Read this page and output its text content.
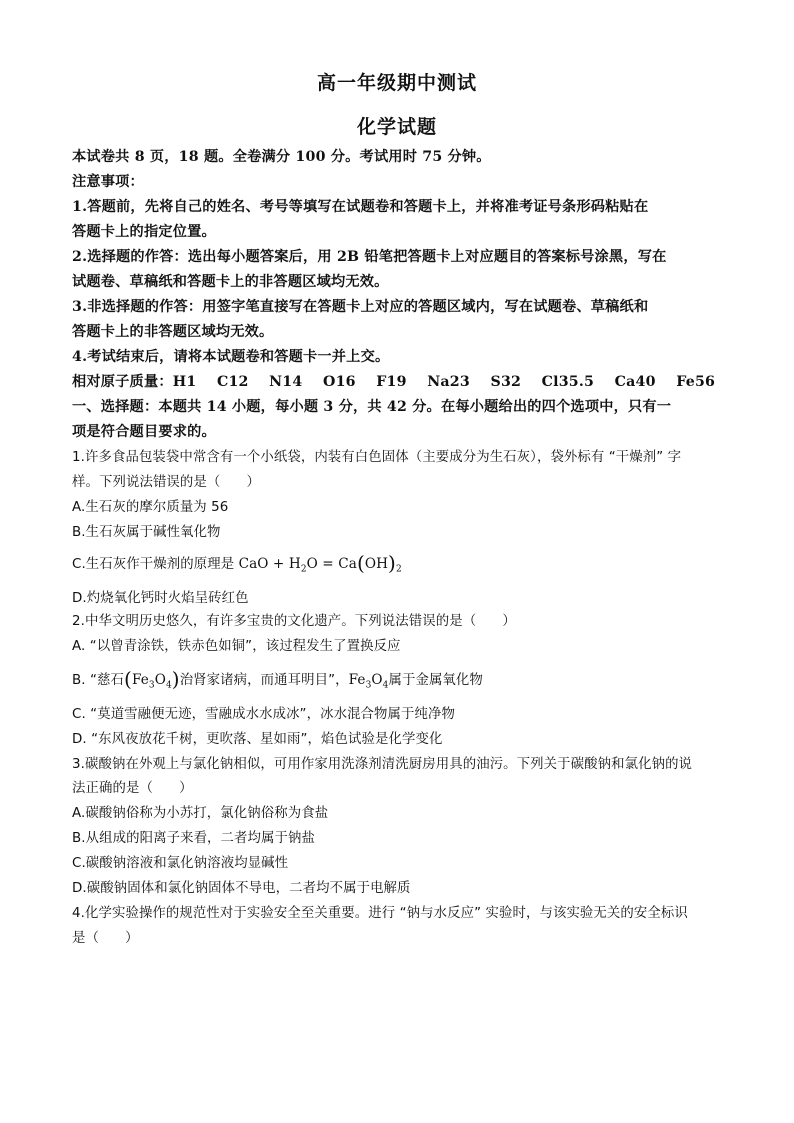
高一年级期中测试
化学试题
本试卷共 8 页，18 题。全卷满分 100 分。考试用时 75 分钟。
注意事项：
1.答题前，先将自己的姓名、考号等填写在试题卷和答题卡上，并将准考证号条形码粘贴在
答题卡上的指定位置。
2.选择题的作答：选出每小题答案后，用 2B 铅笔把答题卡上对应题目的答案标号涂黑，写在
试题卷、草稿纸和答题卡上的非答题区域均无效。
3.非选择题的作答：用签字笔直接写在答题卡上对应的答题区域内，写在试题卷、草稿纸和
答题卡上的非答题区域均无效。
4.考试结束后，请将本试题卷和答题卡一并上交。
相对原子质量：H1    C12    N14    O16    F19    Na23    S32    Cl35.5    Ca40    Fe56
一、选择题：本题共 14 小题，每小题 3 分，共 42 分。在每小题给出的四个选项中，只有一
项是符合题目要求的。
1.许多食品包装袋中常含有一个小纸袋，内装有白色固体（主要成分为生石灰），袋外标有 “干燥剂” 字
样。下列说法错误的是（      ）
A.生石灰的摩尔质量为 56
B.生石灰属于碱性氧化物
C.生石灰作干燥剂的原理是 CaO + $H_2O = Ca(OH)_2$
D.灼烧氧化钙时火焰呈砖红色
2.中华文明历史悠久，有许多宝贵的文化遗产。下列说法错误的是（      ）
A. “以曾青涂铁，铁赤色如铜”，该过程发生了置换反应
B. “慈石$(Fe_3O_4)$治肾家诸病，而通耳明目”，$Fe_3O_4$属于金属氧化物
C. “莫道雪融便无迹，雪融成水水成冰”，冰水混合物属于纯净物
D. “东风夜放花千树，更吹落、星如雨”，焰色试验是化学变化
3.碳酸钠在外观上与氯化钠相似，可用作家用洗涤剂清洗厨房用具的油污。下列关于碳酸钠和氯化钠的说
法正确的是（      ）
A.碳酸钠俗称为小苏打，氯化钠俗称为食盐
B.从组成的阳离子来看，二者均属于钠盐
C.碳酸钠溶液和氯化钠溶液均显碱性
D.碳酸钠固体和氯化钠固体不导电，二者均不属于电解质
4.化学实验操作的规范性对于实验安全至关重要。进行 “钠与水反应” 实验时，与该实验无关的安全标识
是（      ）
